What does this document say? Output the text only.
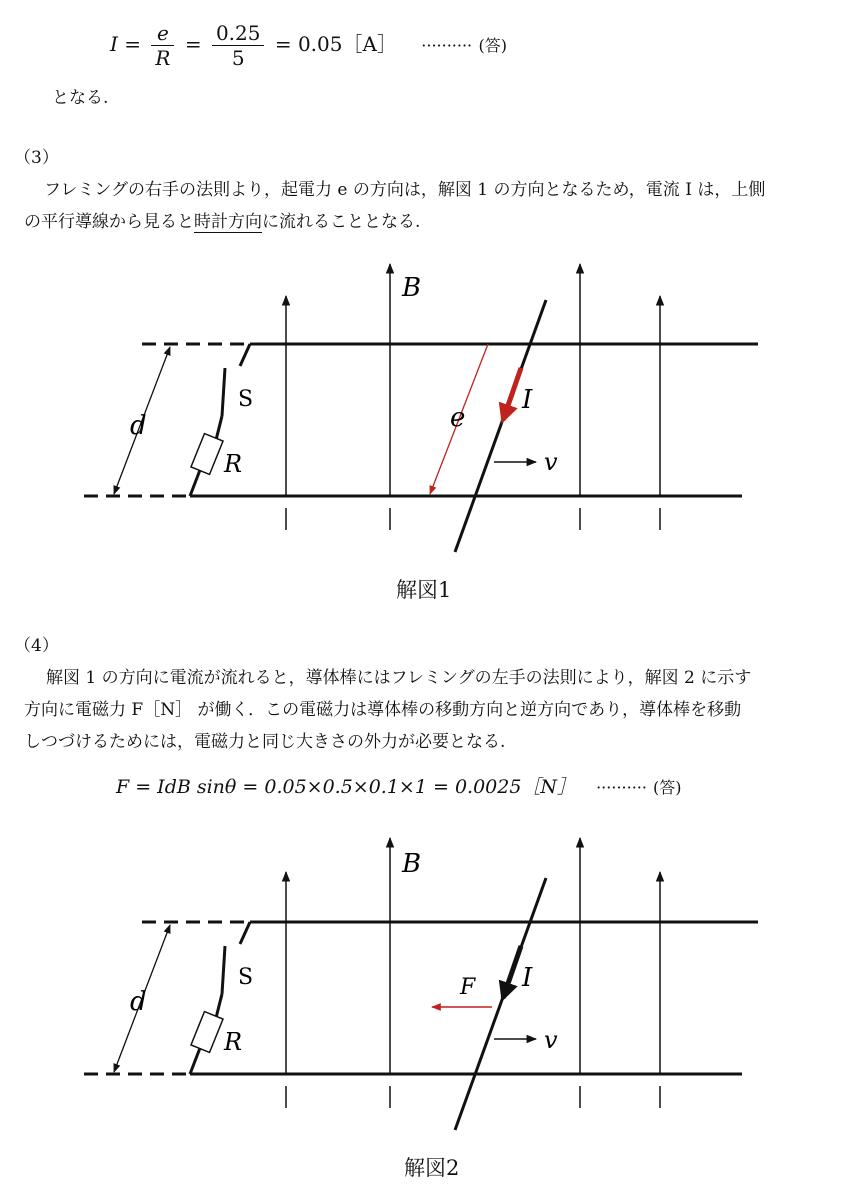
$I = \frac{e}{R} = \frac{0.25}{5}$ = 0.05［A］ ·········· (答)
となる.
（3）
フレミングの右手の法則より，起電力 e の方向は，解図 1 の方向となるため，電流 I は，上側
の平行導線から見ると時計方向に流れることとなる.
B
S
d
R
e
I
v
解図1
（4）
解図 1 の方向に電流が流れると，導体棒にはフレミングの左手の法則により，解図 2 に示す
方向に電磁力 F［N］ が働く．この電磁力は導体棒の移動方向と逆方向であり，導体棒を移動
しつづけるためには，電磁力と同じ大きさの外力が必要となる.
F = IdB sinθ = 0.05×0.5×0.1×1 = 0.0025［N］ ·········· (答)
B
S
d
R
F I
v
解図2
